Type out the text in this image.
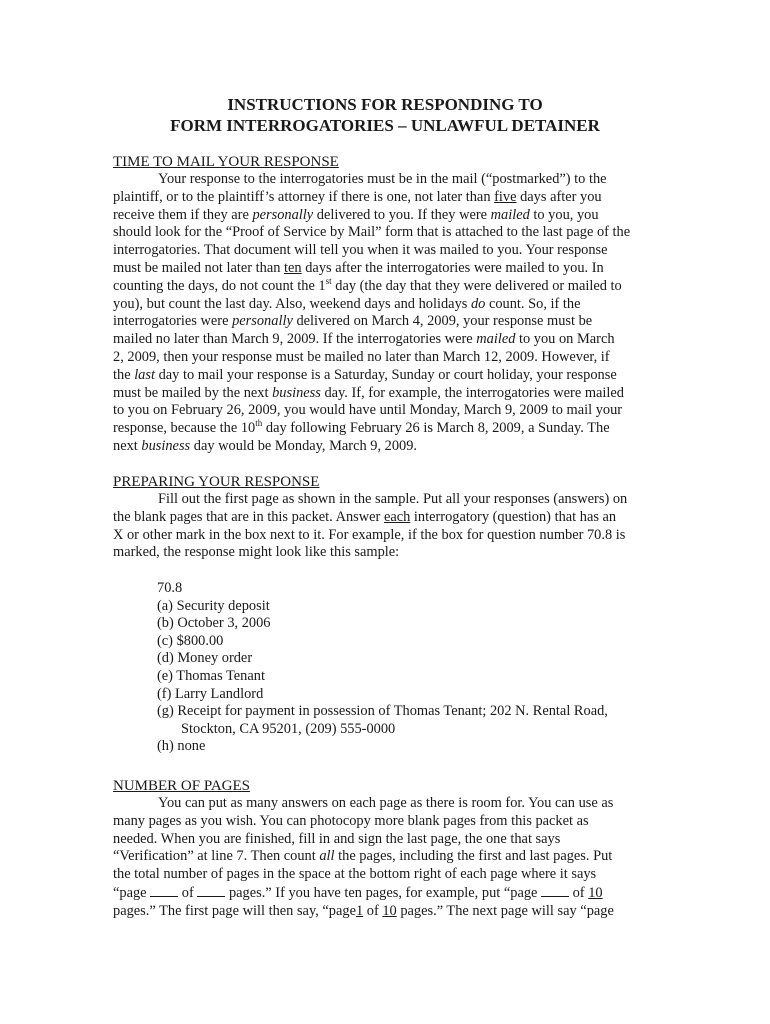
INSTRUCTIONS FOR RESPONDING TO
FORM INTERROGATORIES – UNLAWFUL DETAINER
TIME TO MAIL YOUR RESPONSE
Your response to the interrogatories must be in the mail (“postmarked”) to the
plaintiff, or to the plaintiff’s attorney if there is one, not later than five days after you
receive them if they are personally delivered to you. If they were mailed to you, you
should look for the “Proof of Service by Mail” form that is attached to the last page of the
interrogatories. That document will tell you when it was mailed to you. Your response
must be mailed not later than ten days after the interrogatories were mailed to you. In
counting the days, do not count the 1st day (the day that they were delivered or mailed to
you), but count the last day. Also, weekend days and holidays do count. So, if the
interrogatories were personally delivered on March 4, 2009, your response must be
mailed no later than March 9, 2009. If the interrogatories were mailed to you on March
2, 2009, then your response must be mailed no later than March 12, 2009. However, if
the last day to mail your response is a Saturday, Sunday or court holiday, your response
must be mailed by the next business day. If, for example, the interrogatories were mailed
to you on February 26, 2009, you would have until Monday, March 9, 2009 to mail your
response, because the 10th day following February 26 is March 8, 2009, a Sunday. The
next business day would be Monday, March 9, 2009.
PREPARING YOUR RESPONSE
Fill out the first page as shown in the sample. Put all your responses (answers) on
the blank pages that are in this packet. Answer each interrogatory (question) that has an
X or other mark in the box next to it. For example, if the box for question number 70.8 is
marked, the response might look like this sample:
70.8
(a) Security deposit
(b) October 3, 2006
(c) $800.00
(d) Money order
(e) Thomas Tenant
(f) Larry Landlord
(g) Receipt for payment in possession of Thomas Tenant; 202 N. Rental Road,
Stockton, CA 95201, (209) 555-0000
(h) none
NUMBER OF PAGES
You can put as many answers on each page as there is room for. You can use as
many pages as you wish. You can photocopy more blank pages from this packet as
needed. When you are finished, fill in and sign the last page, the one that says
“Verification” at line 7. Then count all the pages, including the first and last pages. Put
the total number of pages in the space at the bottom right of each page where it says
“page  of  pages.” If you have ten pages, for example, put “page  of 10
pages.” The first page will then say, “page1 of 10 pages.” The next page will say “page
